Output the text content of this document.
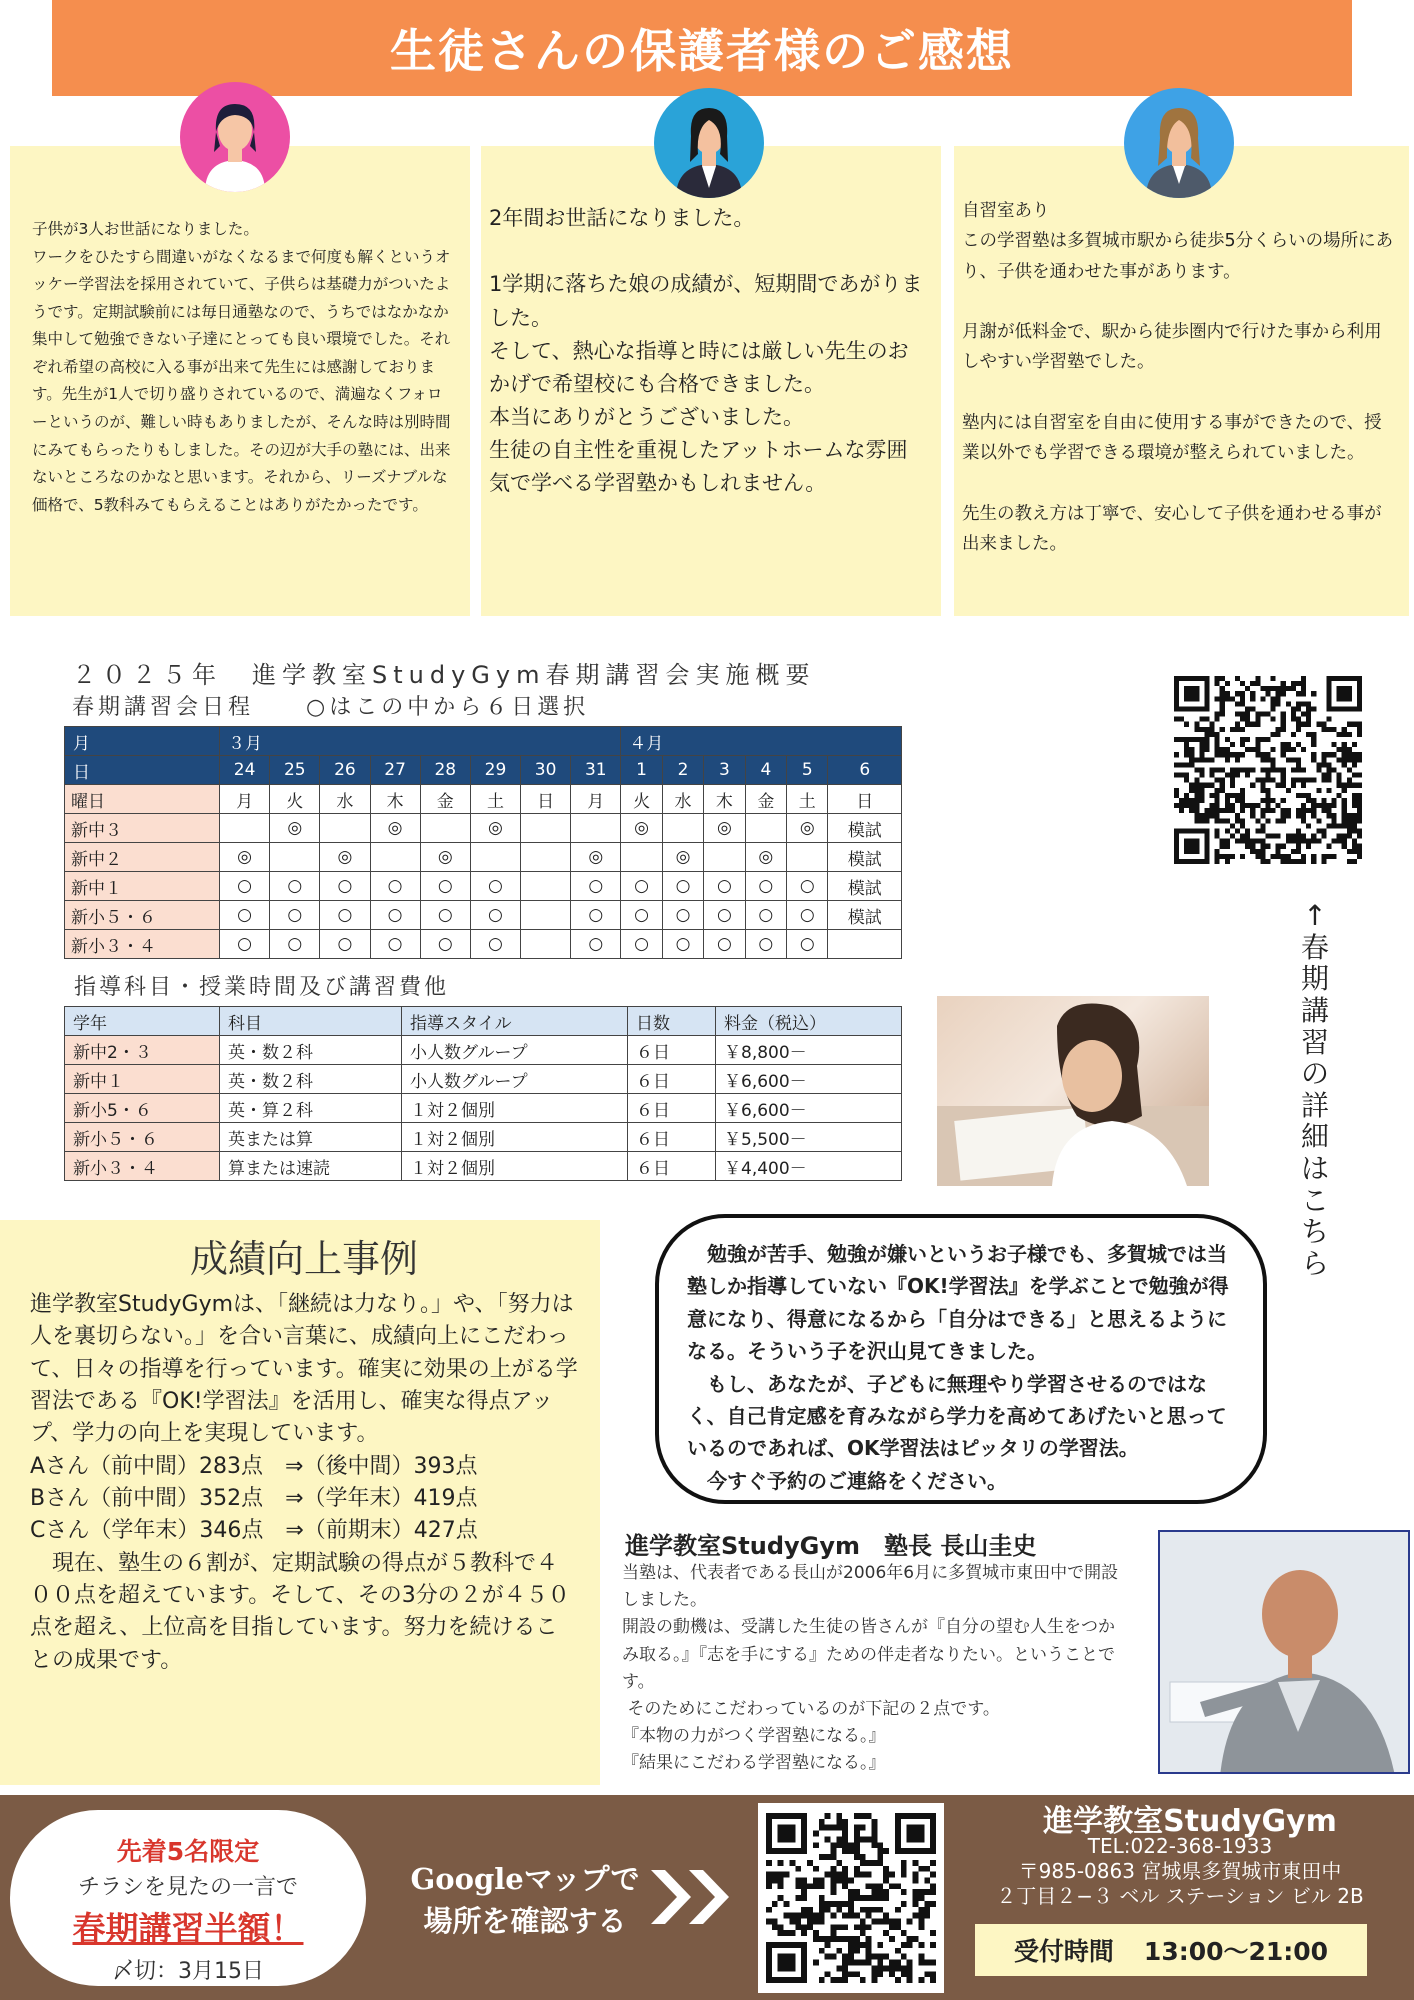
生徒さんの保護者様のご感想

子供が3人お世話になりました。
ワークをひたすら間違いがなくなるまで何度も解くというオッケー学習法を採用されていて、子供らは基礎力がついたようです。定期試験前には毎日通塾なので、うちではなかなか集中して勉強できない子達にとっても良い環境でした。それぞれ希望の高校に入る事が出来て先生には感謝しております。先生が1人で切り盛りされているので、満遍なくフォローというのが、難しい時もありましたが、そんな時は別時間にみてもらったりもしました。その辺が大手の塾には、出来ないところなのかなと思います。それから、リーズナブルな価格で、5教科みてもらえることはありがたかったです。

2年間お世話になりました。

1学期に落ちた娘の成績が、短期間であがりました。
そして、熱心な指導と時には厳しい先生のおかげで希望校にも合格できました。
本当にありがとうございました。
生徒の自主性を重視したアットホームな雰囲気で学べる学習塾かもしれません。

自習室あり
この学習塾は多賀城市駅から徒歩5分くらいの場所にあり、子供を通わせた事があります。

月謝が低料金で、駅から徒歩圏内で行けた事から利用しやすい学習塾でした。

塾内には自習室を自由に使用する事ができたので、授業以外でも学習できる環境が整えられていました。

先生の教え方は丁寧で、安心して子供を通わせる事が出来ました。

２０２５年　進学教室StudyGym春期講習会実施概要
春期講習会日程　　○はこの中から６日選択
月	３月								４月					
日	24	25	26	27	28	29	30	31	1	2	3	4	5	6
曜日	月	火	水	木	金	土	日	月	火	水	木	金	土	日
新中３		◎		◎		◎			◎		◎		◎	模試
新中２	◎		◎		◎			◎		◎		◎		模試
新中１	○	○	○	○	○	○		○	○	○	○	○	○	模試
新小５・６	○	○	○	○	○	○		○	○	○	○	○	○	模試
新小３・４	○	○	○	○	○	○		○	○	○	○	○	○	
指導科目・授業時間及び講習費他
学年	科目	指導スタイル	日数	料金（税込）
新中2・３	英・数２科	小人数グループ	６日	￥8,800－
新中１	英・数２科	小人数グループ	６日	￥6,600－
新小5・６	英・算２科	１対２個別	６日	￥6,600－
新小５・６	英または算	１対２個別	６日	￥5,500－
新小３・４	算または速読	１対２個別	６日	￥4,400－
↑春期講習の詳細はこちら
成績向上事例
進学教室StudyGymは、「継続は力なり。」や、「努力は人を裏切らない。」を合い言葉に、成績向上にこだわって、日々の指導を行っています。確実に効果の上がる学習法である『OK!学習法』を活用し、確実な得点アップ、学力の向上を実現しています。
Aさん（前中間）283点　⇒（後中間）393点
Bさん（前中間）352点　⇒（学年末）419点
Cさん（学年末）346点　⇒（前期末）427点
　現在、塾生の６割が、定期試験の得点が５教科で４００点を超えています。そして、その3分の２が４５０点を超え、上位高を目指しています。努力を続けることの成果です。
　勉強が苦手、勉強が嫌いというお子様でも、多賀城では当塾しか指導していない『OK!学習法』を学ぶことで勉強が得意になり、得意になるから「自分はできる」と思えるようになる。そういう子を沢山見てきました。
　もし、あなたが、子どもに無理やり学習させるのではなく、自己肯定感を育みながら学力を高めてあげたいと思っているのであれば、OK学習法はピッタリの学習法。
　今すぐ予約のご連絡をください。
進学教室StudyGym　塾長 長山圭史
当塾は、代表者である長山が2006年6月に多賀城市東田中で開設しました。
開設の動機は、受講した生徒の皆さんが『自分の望む人生をつかみ取る。』『志を手にする』ための伴走者なりたい。ということです。
そのためにこだわっているのが下記の２点です。
『本物の力がつく学習塾になる。』
『結果にこだわる学習塾になる。』
先着5名限定
チラシを見たの一言で
春期講習半額！
〆切：3月15日
Googleマップで
場所を確認する
進学教室StudyGym
TEL:022-368-1933
〒985-0863 宮城県多賀城市東田中
２丁目２−３ ベル ステーション ビル 2B
受付時間 13:00〜21:00
